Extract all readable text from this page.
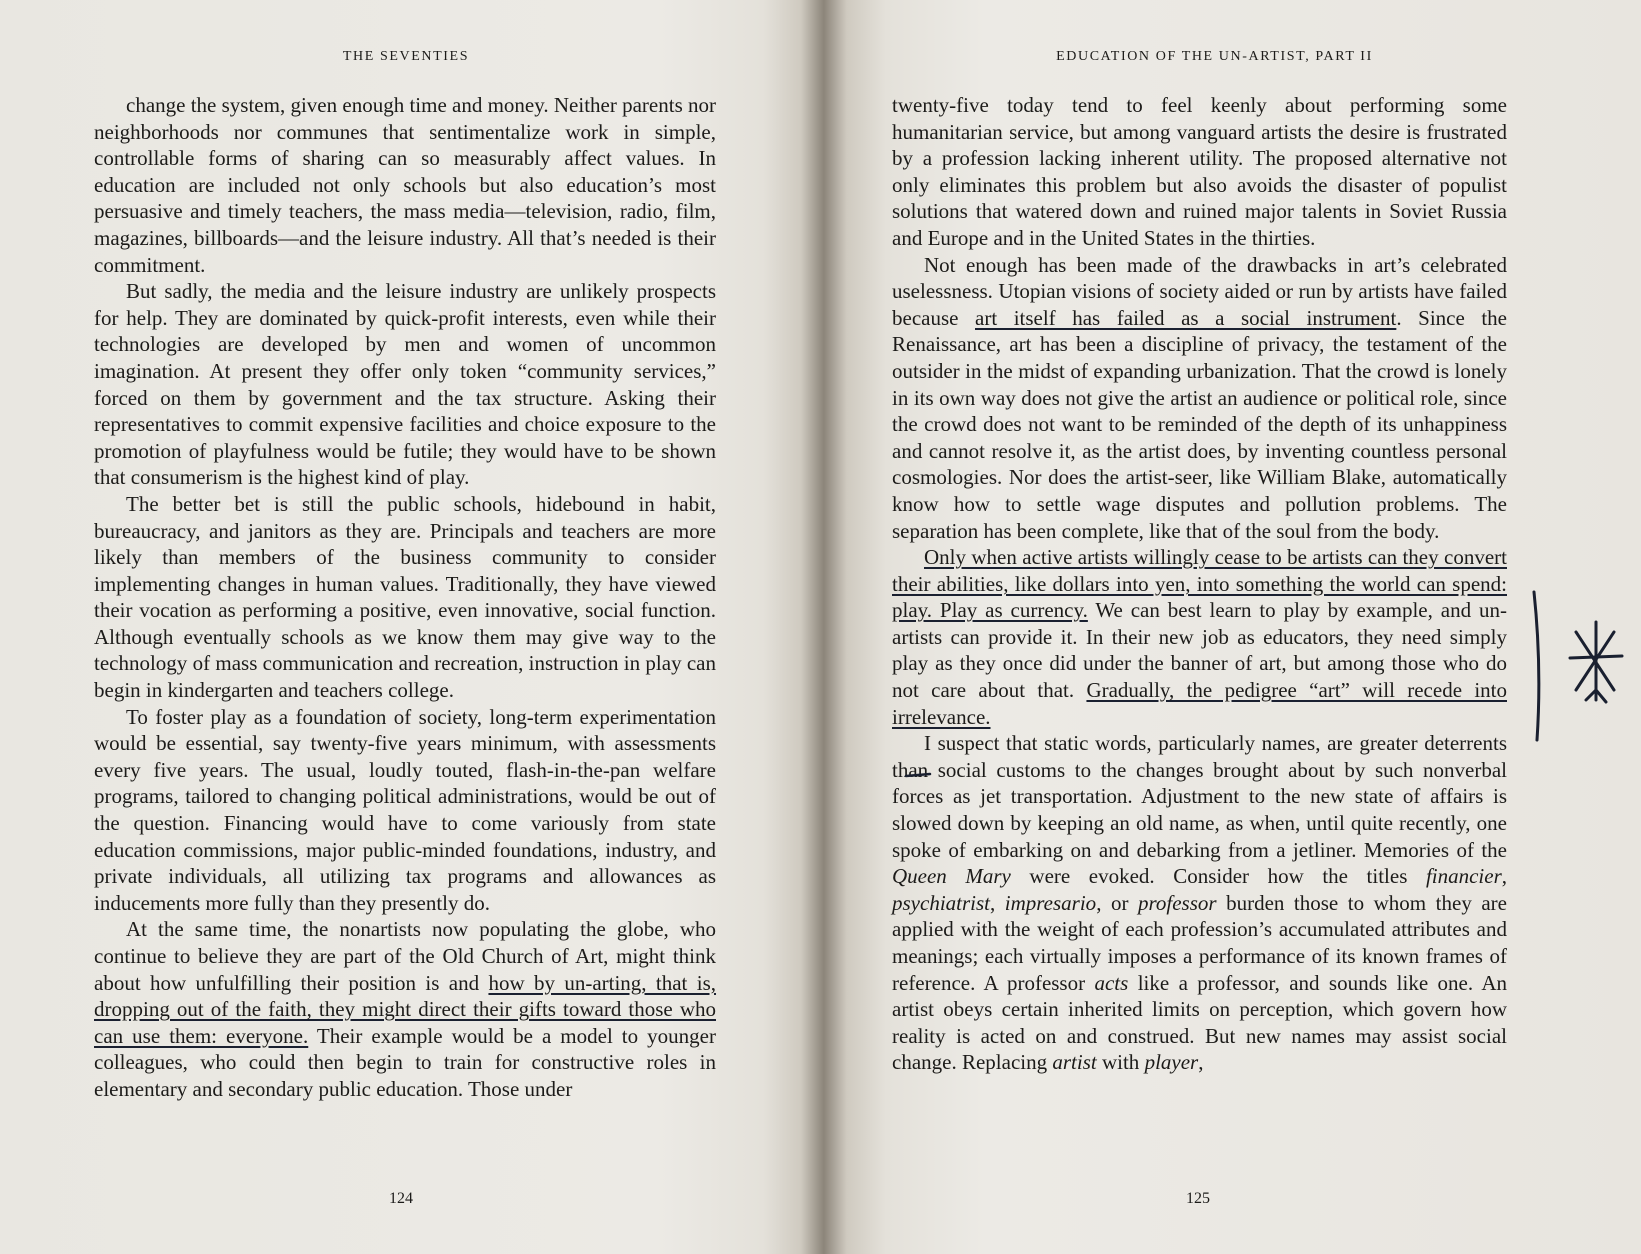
THE SEVENTIES

change the system, given enough time and money. Neither parents nor neighborhoods nor communes that sentimentalize work in simple, controllable forms of sharing can so measurably affect values. In education are included not only schools but also education’s most persuasive and timely teachers, the mass media—television, radio, film, magazines, billboards—and the leisure industry. All that’s needed is their commitment.

But sadly, the media and the leisure industry are unlikely prospects for help. They are dominated by quick-profit interests, even while their technologies are developed by men and women of uncommon imagination. At present they offer only token “community services,” forced on them by government and the tax structure. Asking their representatives to commit expensive facilities and choice exposure to the promotion of playfulness would be futile; they would have to be shown that consumerism is the highest kind of play.

The better bet is still the public schools, hidebound in habit, bureaucracy, and janitors as they are. Principals and teachers are more likely than members of the business community to consider implementing changes in human values. Traditionally, they have viewed their vocation as performing a positive, even innovative, social function. Although eventually schools as we know them may give way to the technology of mass communication and recreation, instruction in play can begin in kindergarten and teachers college.

To foster play as a foundation of society, long-term experimentation would be essential, say twenty-five years minimum, with assessments every five years. The usual, loudly touted, flash-in-the-pan welfare programs, tailored to changing political administrations, would be out of the question. Financing would have to come variously from state education commissions, major public-minded foundations, industry, and private individuals, all utilizing tax programs and allowances as inducements more fully than they presently do.

At the same time, the nonartists now populating the globe, who continue to believe they are part of the Old Church of Art, might think about how unfulfilling their position is and how by un-arting, that is, dropping out of the faith, they might direct their gifts toward those who can use them: everyone. Their example would be a model to younger colleagues, who could then begin to train for constructive roles in elementary and secondary public education. Those under

124
EDUCATION OF THE UN-ARTIST, PART II

twenty-five today tend to feel keenly about performing some humanitarian service, but among vanguard artists the desire is frustrated by a profession lacking inherent utility. The proposed alternative not only eliminates this problem but also avoids the disaster of populist solutions that watered down and ruined major talents in Soviet Russia and Europe and in the United States in the thirties.

Not enough has been made of the drawbacks in art’s celebrated uselessness. Utopian visions of society aided or run by artists have failed because art itself has failed as a social instrument. Since the Renaissance, art has been a discipline of privacy, the testament of the outsider in the midst of expanding urbanization. That the crowd is lonely in its own way does not give the artist an audience or political role, since the crowd does not want to be reminded of the depth of its unhappiness and cannot resolve it, as the artist does, by inventing countless personal cosmologies. Nor does the artist-seer, like William Blake, automatically know how to settle wage disputes and pollution problems. The separation has been complete, like that of the soul from the body.

Only when active artists willingly cease to be artists can they convert their abilities, like dollars into yen, into something the world can spend: play. Play as currency. We can best learn to play by example, and un-artists can provide it. In their new job as educators, they need simply play as they once did under the banner of art, but among those who do not care about that. Gradually, the pedigree “art” will recede into irrelevance.

I suspect that static words, particularly names, are greater deterrents than social customs to the changes brought about by such nonverbal forces as jet transportation. Adjustment to the new state of affairs is slowed down by keeping an old name, as when, until quite recently, one spoke of embarking on and debarking from a jetliner. Memories of the Queen Mary were evoked. Consider how the titles financier, psychiatrist, impresario, or professor burden those to whom they are applied with the weight of each profession’s accumulated attributes and meanings; each virtually imposes a performance of its known frames of reference. A professor acts like a professor, and sounds like one. An artist obeys certain inherited limits on perception, which govern how reality is acted on and construed. But new names may assist social change. Replacing artist with player,

125
